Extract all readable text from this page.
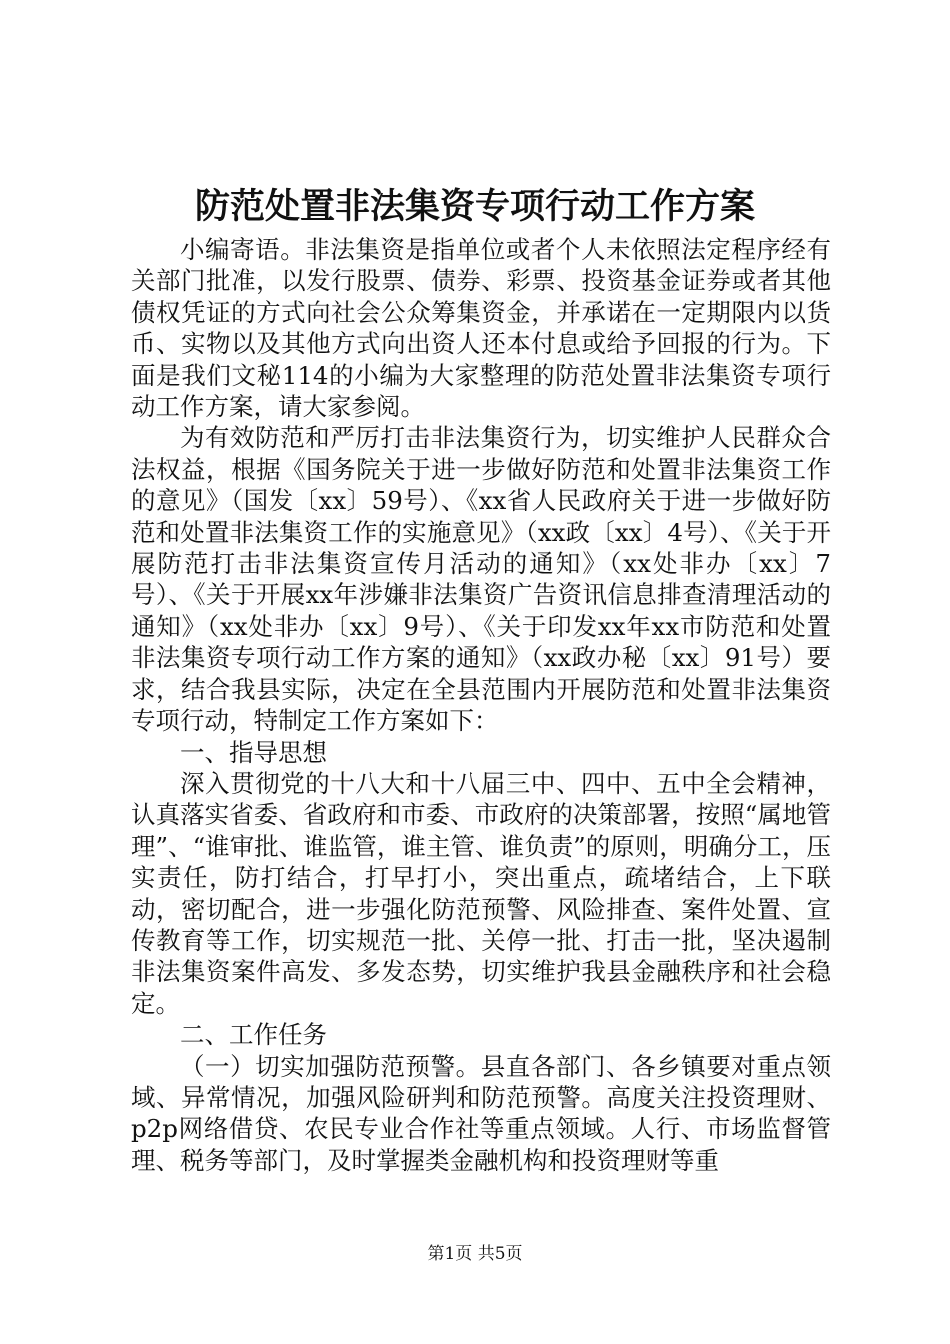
防范处置非法集资专项行动工作方案

小编寄语。非法集资是指单位或者个人未依照法定程序经有关部门批准，以发行股票、债券、彩票、投资基金证券或者其他债权凭证的方式向社会公众筹集资金，并承诺在一定期限内以货币、实物以及其他方式向出资人还本付息或给予回报的行为。下面是我们文秘114的小编为大家整理的防范处置非法集资专项行动工作方案，请大家参阅。

为有效防范和严厉打击非法集资行为，切实维护人民群众合法权益，根据《国务院关于进一步做好防范和处置非法集资工作的意见》（国发〔xx〕59号）、《xx省人民政府关于进一步做好防范和处置非法集资工作的实施意见》（xx政〔xx〕4号）、《关于开展防范打击非法集资宣传月活动的通知》（xx处非办〔xx〕7号）、《关于开展xx年涉嫌非法集资广告资讯信息排查清理活动的通知》（xx处非办〔xx〕9号）、《关于印发xx年xx市防范和处置非法集资专项行动工作方案的通知》（xx政办秘〔xx〕91号）要求，结合我县实际，决定在全县范围内开展防范和处置非法集资专项行动，特制定工作方案如下：

一、指导思想

深入贯彻党的十八大和十八届三中、四中、五中全会精神，认真落实省委、省政府和市委、市政府的决策部署，按照“属地管理”、“谁审批、谁监管，谁主管、谁负责”的原则，明确分工，压实责任，防打结合，打早打小，突出重点，疏堵结合，上下联动，密切配合，进一步强化防范预警、风险排查、案件处置、宣传教育等工作，切实规范一批、关停一批、打击一批，坚决遏制非法集资案件高发、多发态势，切实维护我县金融秩序和社会稳定。

二、工作任务

（一）切实加强防范预警。县直各部门、各乡镇要对重点领域、异常情况，加强风险研判和防范预警。高度关注投资理财、p2p网络借贷、农民专业合作社等重点领域。人行、市场监督管理、税务等部门，及时掌握类金融机构和投资理财等重

第1页 共5页
